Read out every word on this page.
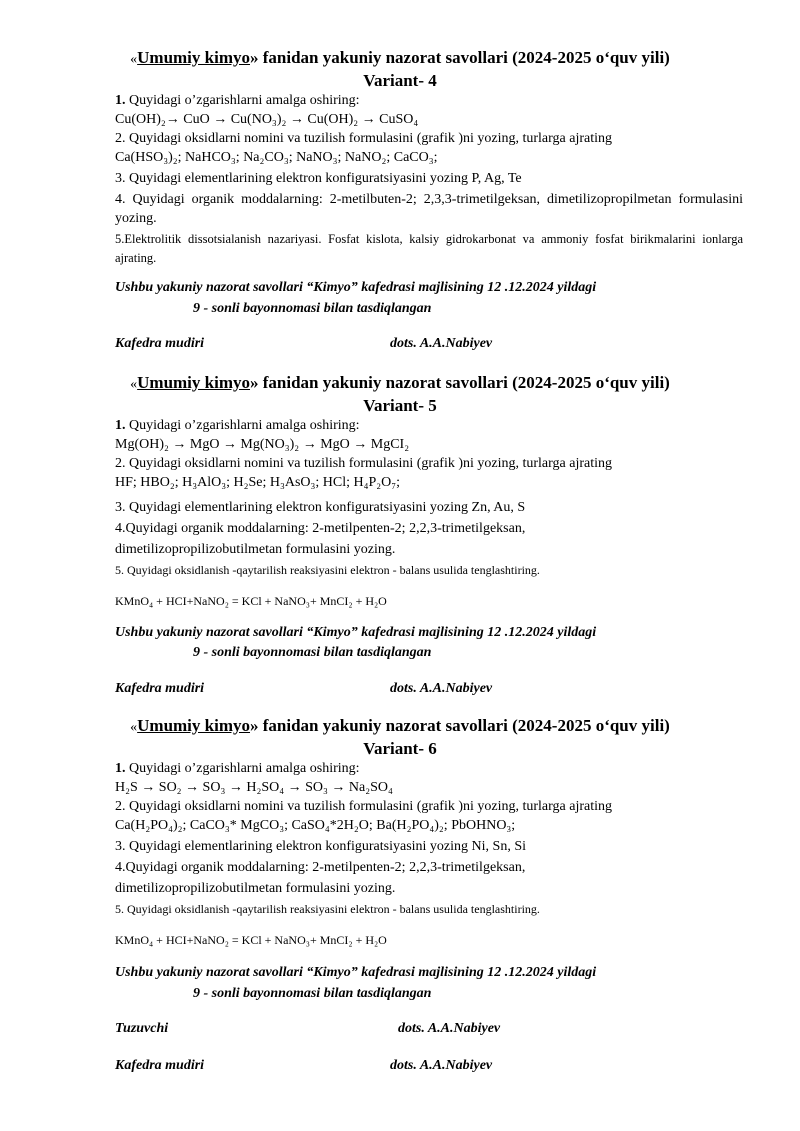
«Umumiy kimyo» fanidan yakuniy nazorat savollari (2024-2025 o‘quv yili)

Variant- 4

1. Quyidagi o’zgarishlarni amalga oshiring:
Cu(OH)₂→ CuO → Cu(NO₃)₂ → Cu(OH)₂ → CuSO₄
2. Quyidagi oksidlarni nomini va tuzilish formulasini (grafik )ni yozing, turlarga ajrating
Ca(HSO₃)₂; NaHCO₃; Na₂CO₃; NaNO₃; NaNO₂; CaCO₃;
3. Quyidagi elementlarining elektron konfiguratsiyasini yozing P, Ag, Te
4. Quyidagi organik moddalarning: 2-metilbuten-2; 2,3,3-trimetilgeksan, dimetilizopropilmetan formulasini yozing.
5.Elektrolitik dissotsialanish nazariyasi. Fosfat kislota, kalsiy gidrokarbonat va ammoniy fosfat birikmalarini ionlarga ajrating.
Ushbu yakuniy nazorat savollari “Kimyo” kafedrasi majlisining 12 .12.2024 yildagi
9 - sonli bayonnomasi bilan tasdiqlangan
Kafedra mudiri	dots. A.A.Nabiyev

«Umumiy kimyo» fanidan yakuniy nazorat savollari (2024-2025 o‘quv yili)

Variant- 5

1. Quyidagi o’zgarishlarni amalga oshiring:
Mg(OH)₂ → MgO → Mg(NO₃)₂ → MgO → MgCI₂
2. Quyidagi oksidlarni nomini va tuzilish formulasini (grafik )ni yozing, turlarga ajrating
HF; HBO₂; H₃AlO₃; H₂Se; H₃AsO₃; HCl; H₄P₂O₇;
3. Quyidagi elementlarining elektron konfiguratsiyasini yozing Zn, Au, S
4.Quyidagi organik moddalarning: 2-metilpenten-2; 2,2,3-trimetilgeksan,
dimetilizopropilizobutilmetan formulasini yozing.
5. Quyidagi oksidlanish -qaytarilish reaksiyasini elektron - balans usulida tenglashtiring.
KMnO₄ + HCI+NaNO₂ = KCl + NaNO₃+ MnCI₂ + H₂O
Ushbu yakuniy nazorat savollari “Kimyo” kafedrasi majlisining 12 .12.2024 yildagi
9 - sonli bayonnomasi bilan tasdiqlangan
Kafedra mudiri	dots. A.A.Nabiyev

«Umumiy kimyo» fanidan yakuniy nazorat savollari (2024-2025 o‘quv yili)

Variant- 6

1. Quyidagi o’zgarishlarni amalga oshiring:
H₂S → SO₂ → SO₃ → H₂SO₄ → SO₃ → Na₂SO₄
2. Quyidagi oksidlarni nomini va tuzilish formulasini (grafik )ni yozing, turlarga ajrating
Ca(H₂PO₄)₂; CaCO₃* MgCO₃; CaSO₄*2H₂O; Ba(H₂PO₄)₂; PbOHNO₃;
3. Quyidagi elementlarining elektron konfiguratsiyasini yozing Ni, Sn, Si
4.Quyidagi organik moddalarning: 2-metilpenten-2; 2,2,3-trimetilgeksan,
dimetilizopropilizobutilmetan formulasini yozing.
5. Quyidagi oksidlanish -qaytarilish reaksiyasini elektron - balans usulida tenglashtiring.
KMnO₄ + HCI+NaNO₂ = KCl + NaNO₃+ MnCI₂ + H₂O
Ushbu yakuniy nazorat savollari “Kimyo” kafedrasi majlisining 12 .12.2024 yildagi
9 - sonli bayonnomasi bilan tasdiqlangan
Tuzuvchi	dots. A.A.Nabiyev
Kafedra mudiri	dots. A.A.Nabiyev
